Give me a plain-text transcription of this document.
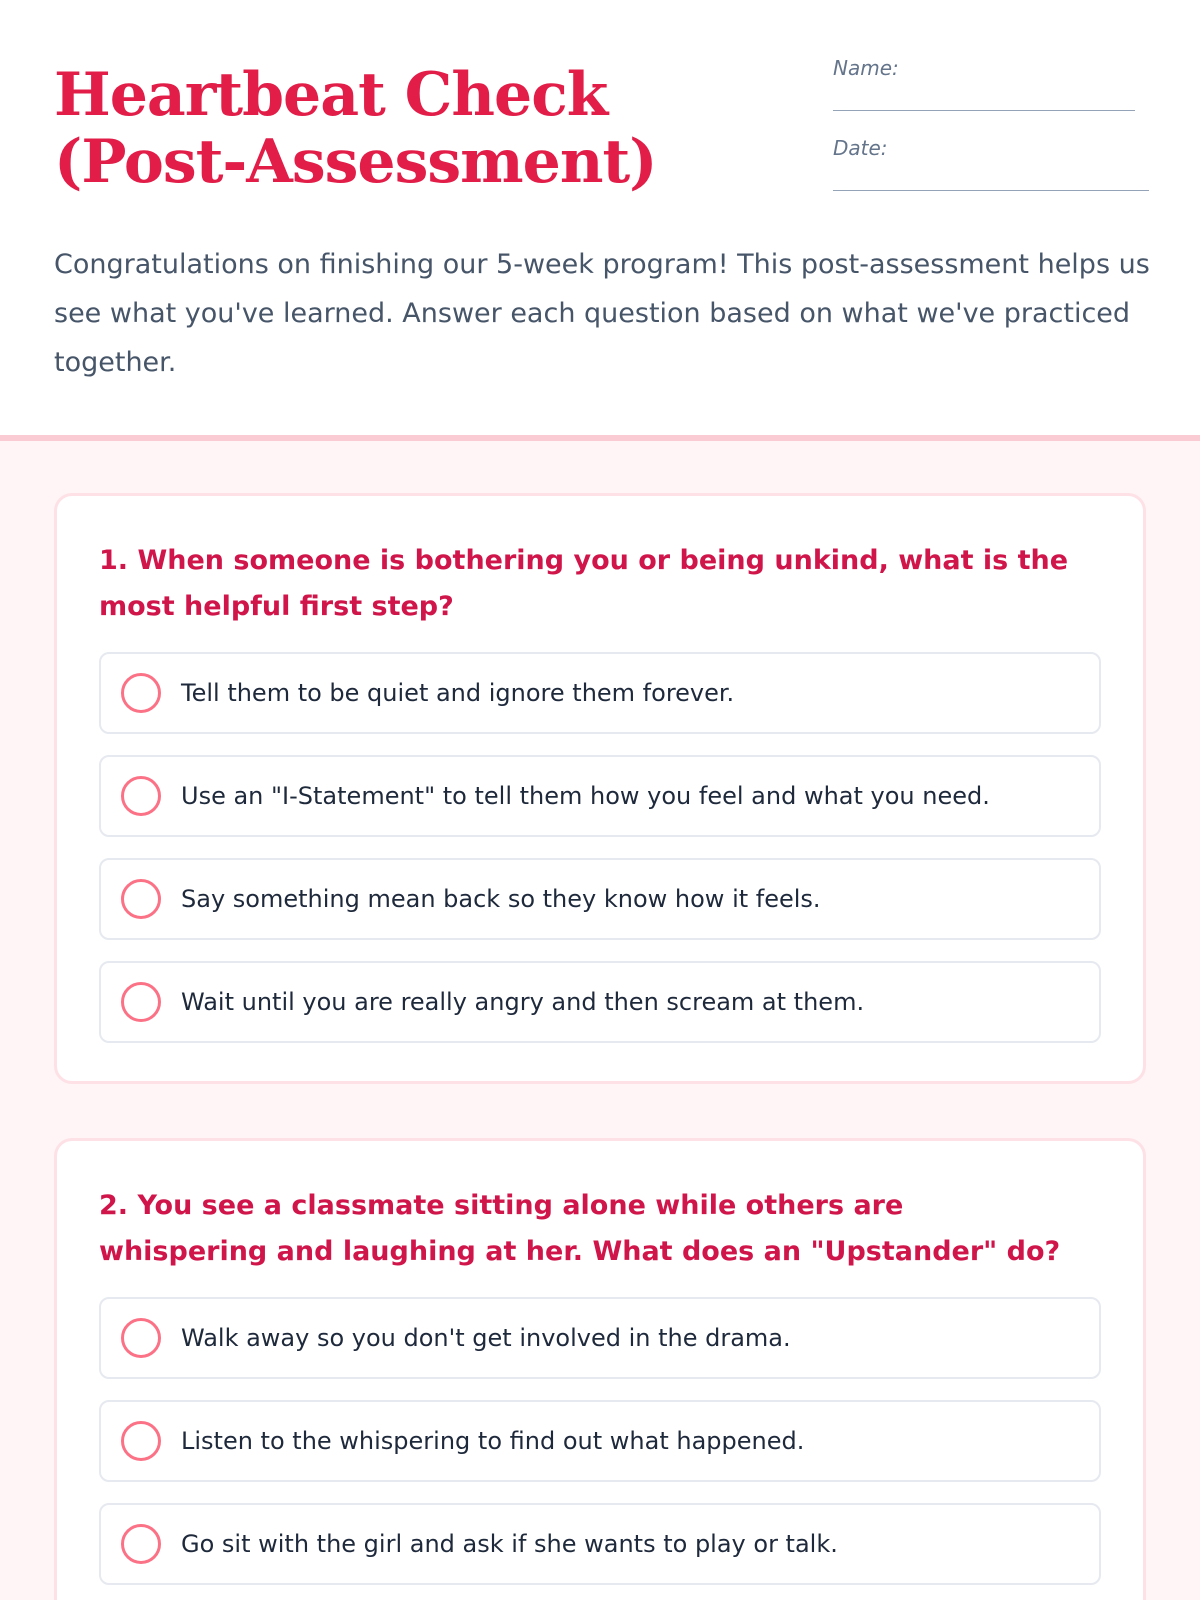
Heartbeat Check (Post-Assessment)
Name:
Date:

Congratulations on finishing our 5-week program! This post-assessment helps us see what you've learned. Answer each question based on what we've practiced together.

1. When someone is bothering you or being unkind, what is the most helpful first step?
Tell them to be quiet and ignore them forever.
Use an "I-Statement" to tell them how you feel and what you need.
Say something mean back so they know how it feels.
Wait until you are really angry and then scream at them.
2. You see a classmate sitting alone while others are whispering and laughing at her. What does an "Upstander" do?
Walk away so you don't get involved in the drama.
Listen to the whispering to find out what happened.
Go sit with the girl and ask if she wants to play or talk.
